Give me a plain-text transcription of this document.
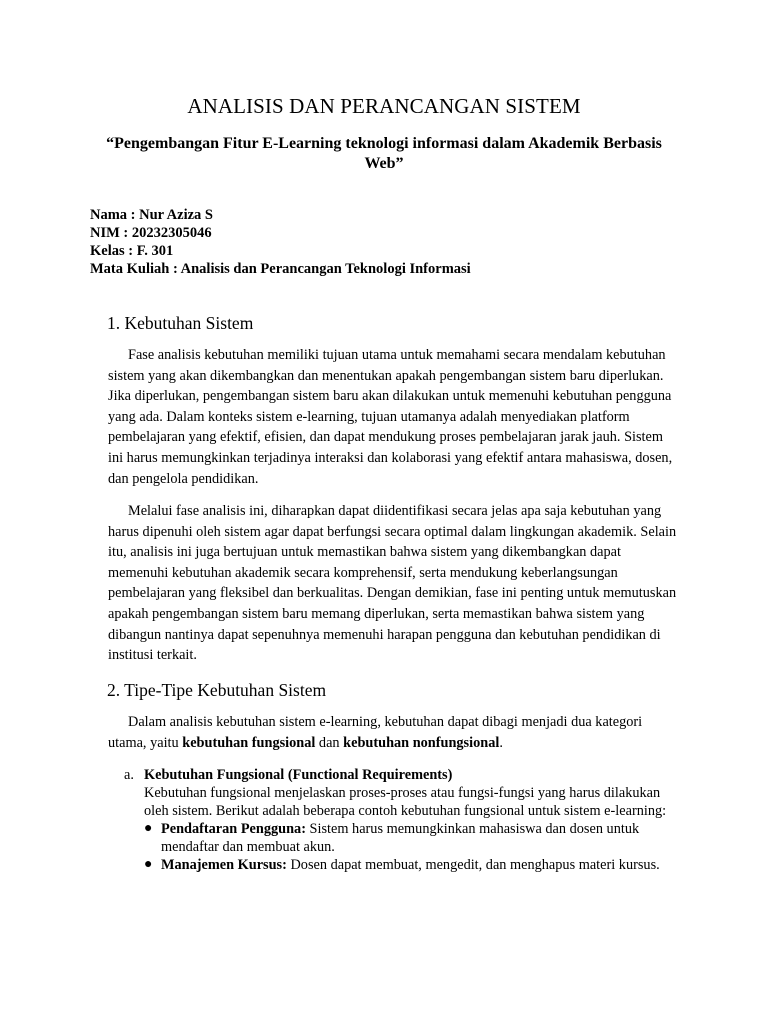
ANALISIS DAN PERANCANGAN SISTEM
“Pengembangan Fitur E-Learning teknologi informasi dalam Akademik Berbasis Web”
Nama : Nur Aziza S
NIM : 20232305046
Kelas : F. 301
Mata Kuliah : Analisis dan Perancangan Teknologi Informasi
1. Kebutuhan Sistem
Fase analisis kebutuhan memiliki tujuan utama untuk memahami secara mendalam kebutuhan sistem yang akan dikembangkan dan menentukan apakah pengembangan sistem baru diperlukan. Jika diperlukan, pengembangan sistem baru akan dilakukan untuk memenuhi kebutuhan pengguna yang ada. Dalam konteks sistem e-learning, tujuan utamanya adalah menyediakan platform pembelajaran yang efektif, efisien, dan dapat mendukung proses pembelajaran jarak jauh. Sistem ini harus memungkinkan terjadinya interaksi dan kolaborasi yang efektif antara mahasiswa, dosen, dan pengelola pendidikan.
Melalui fase analisis ini, diharapkan dapat diidentifikasi secara jelas apa saja kebutuhan yang harus dipenuhi oleh sistem agar dapat berfungsi secara optimal dalam lingkungan akademik. Selain itu, analisis ini juga bertujuan untuk memastikan bahwa sistem yang dikembangkan dapat memenuhi kebutuhan akademik secara komprehensif, serta mendukung keberlangsungan pembelajaran yang fleksibel dan berkualitas. Dengan demikian, fase ini penting untuk memutuskan apakah pengembangan sistem baru memang diperlukan, serta memastikan bahwa sistem yang dibangun nantinya dapat sepenuhnya memenuhi harapan pengguna dan kebutuhan pendidikan di institusi terkait.
2. Tipe-Tipe Kebutuhan Sistem
Dalam analisis kebutuhan sistem e-learning, kebutuhan dapat dibagi menjadi dua kategori utama, yaitu kebutuhan fungsional dan kebutuhan nonfungsional.
a. Kebutuhan Fungsional (Functional Requirements)
Kebutuhan fungsional menjelaskan proses-proses atau fungsi-fungsi yang harus dilakukan oleh sistem. Berikut adalah beberapa contoh kebutuhan fungsional untuk sistem e-learning:
● Pendaftaran Pengguna: Sistem harus memungkinkan mahasiswa dan dosen untuk mendaftar dan membuat akun.
● Manajemen Kursus: Dosen dapat membuat, mengedit, dan menghapus materi kursus.
